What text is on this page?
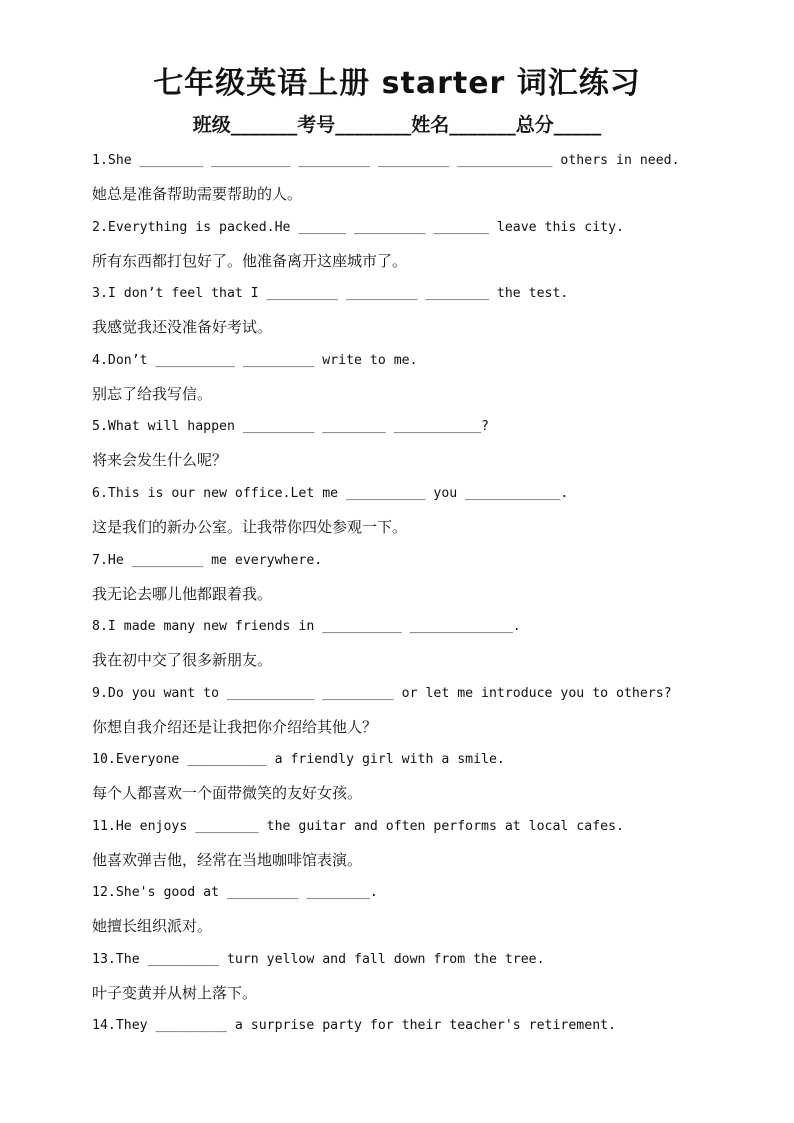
七年级英语上册 starter 词汇练习
班级_______考号________姓名_______总分_____
1.She ________ __________ _________ _________ ____________ others in need.
她总是准备帮助需要帮助的人。
2.Everything is packed.He ______ _________ _______ leave this city.
所有东西都打包好了。他准备离开这座城市了。
3.I don’t feel that I _________ _________ ________ the test.
我感觉我还没准备好考试。
4.Don’t __________ _________ write to me.
别忘了给我写信。
5.What will happen _________ ________ ___________?
将来会发生什么呢？
6.This is our new office.Let me __________ you ____________.
这是我们的新办公室。让我带你四处参观一下。
7.He _________ me everywhere.
我无论去哪儿他都跟着我。
8.I made many new friends in __________ _____________.
我在初中交了很多新朋友。
9.Do you want to ___________ _________ or let me introduce you to others?
你想自我介绍还是让我把你介绍给其他人？
10.Everyone __________ a friendly girl with a smile.
每个人都喜欢一个面带微笑的友好女孩。
11.He enjoys ________ the guitar and often performs at local cafes.
他喜欢弹吉他，经常在当地咖啡馆表演。
12.She's good at _________ ________.
她擅长组织派对。
13.The _________ turn yellow and fall down from the tree.
叶子变黄并从树上落下。
14.They _________ a surprise party for their teacher's retirement.
